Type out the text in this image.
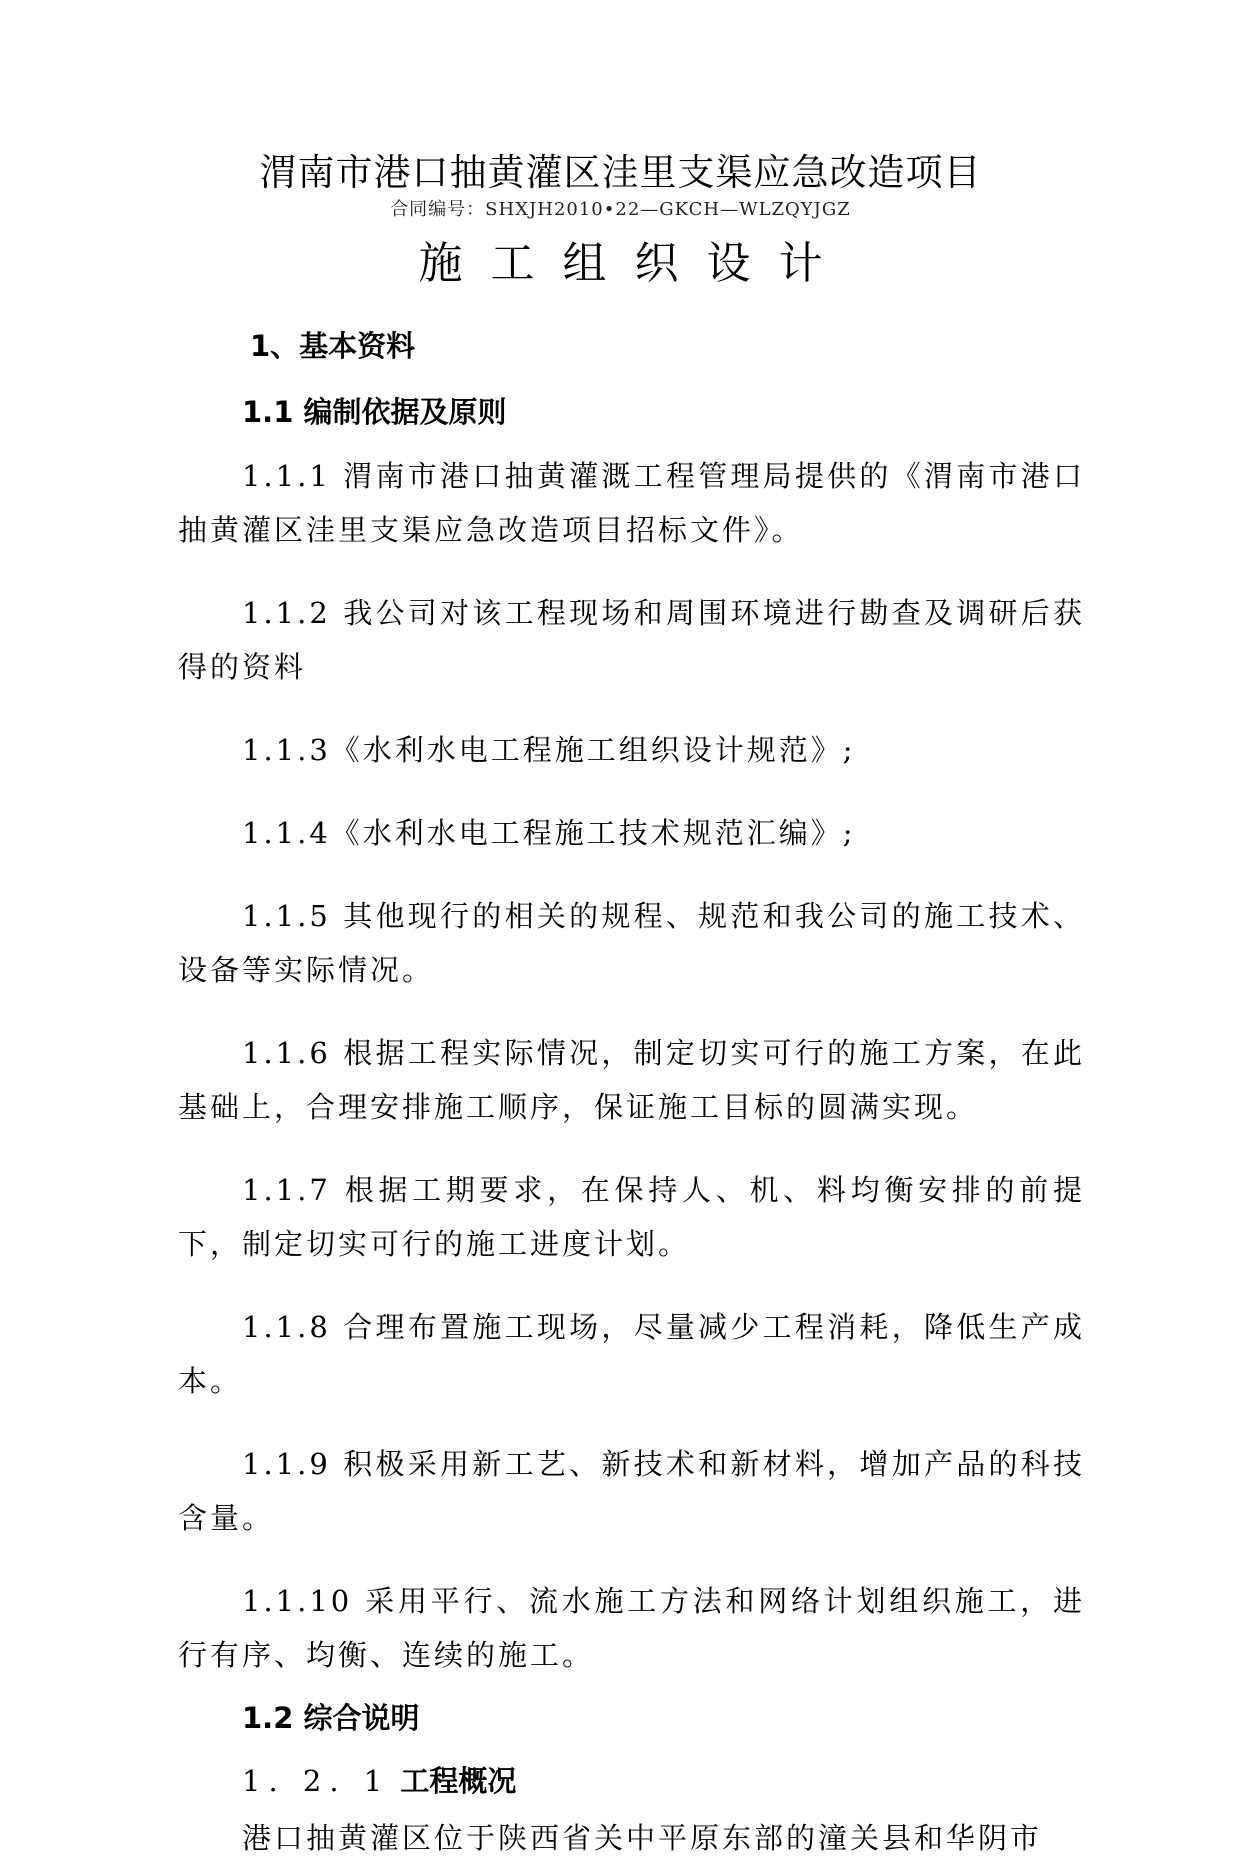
渭南市港口抽黄灌区洼里支渠应急改造项目
合同编号：SHXJH2010•22—GKCH—WLZQYJGZ
施工组织设计
1、基本资料
1.1 编制依据及原则

1.1.1 渭南市港口抽黄灌溉工程管理局提供的《渭南市港口抽黄灌区洼里支渠应急改造项目招标文件》。

1.1.2 我公司对该工程现场和周围环境进行勘查及调研后获得的资料

1.1.3《水利水电工程施工组织设计规范》;

1.1.4《水利水电工程施工技术规范汇编》;

1.1.5 其他现行的相关的规程、规范和我公司的施工技术、设备等实际情况。

1.1.6 根据工程实际情况，制定切实可行的施工方案，在此基础上，合理安排施工顺序，保证施工目标的圆满实现。

1.1.7 根据工期要求，在保持人、机、料均衡安排的前提下，制定切实可行的施工进度计划。

1.1.8 合理布置施工现场，尽量减少工程消耗，降低生产成本。

1.1.9 积极采用新工艺、新技术和新材料，增加产品的科技含量。

1.1.10 采用平行、流水施工方法和网络计划组织施工，进行有序、均衡、连续的施工。

1.2 综合说明
1. 2. 1 工程概况

港口抽黄灌区位于陕西省关中平原东部的潼关县和华阴市
